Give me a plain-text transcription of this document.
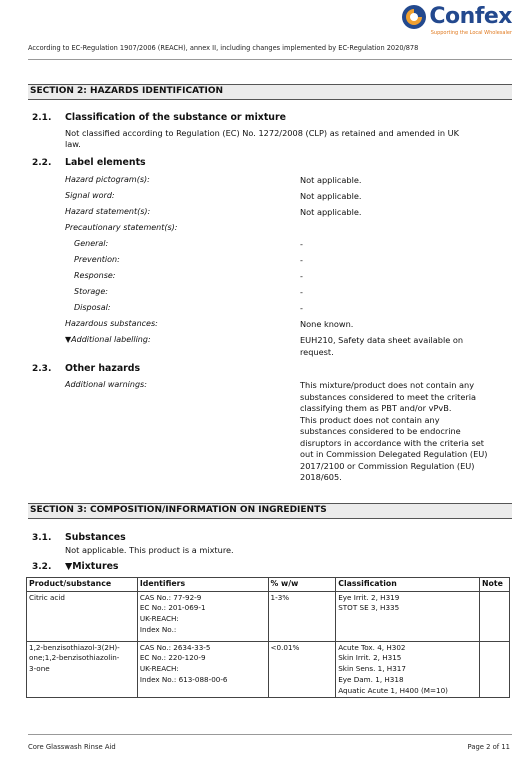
Confex
Supporting the Local Wholesaler
According to EC-Regulation 1907/2006 (REACH), annex II, including changes implemented by EC-Regulation 2020/878
SECTION 2: HAZARDS IDENTIFICATION
2.1. Classification of the substance or mixture
Not classified according to Regulation (EC) No. 1272/2008 (CLP) as retained and amended in UK
law.
2.2. Label elements
Hazard pictogram(s):	Not applicable.
Signal word:	Not applicable.
Hazard statement(s):	Not applicable.
Precautionary statement(s):
General:	-
Prevention:	-
Response:	-
Storage:	-
Disposal:	-
Hazardous substances:	None known.
▼Additional labelling:	EUH210, Safety data sheet available on
request.
2.3. Other hazards
Additional warnings:	This mixture/product does not contain any
substances considered to meet the criteria
classifying them as PBT and/or vPvB.
This product does not contain any
substances considered to be endocrine
disruptors in accordance with the criteria set
out in Commission Delegated Regulation (EU)
2017/2100 or Commission Regulation (EU)
2018/605.
SECTION 3: COMPOSITION/INFORMATION ON INGREDIENTS
3.1. Substances
Not applicable. This product is a mixture.
3.2. ▼Mixtures
Product/substance	Identifiers	% w/w	Classification	Note

Citric acid	CAS No.: 77-92-9
EC No.: 201-069-1
UK-REACH:
Index No.:	1-3%	Eye Irrit. 2, H319
STOT SE 3, H335	

1,2-benzisothiazol-3(2H)-
one;1,2-benzisothiazolin-
3-one	CAS No.: 2634-33-5
EC No.: 220-120-9
UK-REACH:
Index No.: 613-088-00-6	<0.01%	Acute Tox. 4, H302
Skin Irrit. 2, H315
Skin Sens. 1, H317
Eye Dam. 1, H318
Aquatic Acute 1, H400 (M=10)	

Core Glasswash Rinse Aid	Page 2 of 11
